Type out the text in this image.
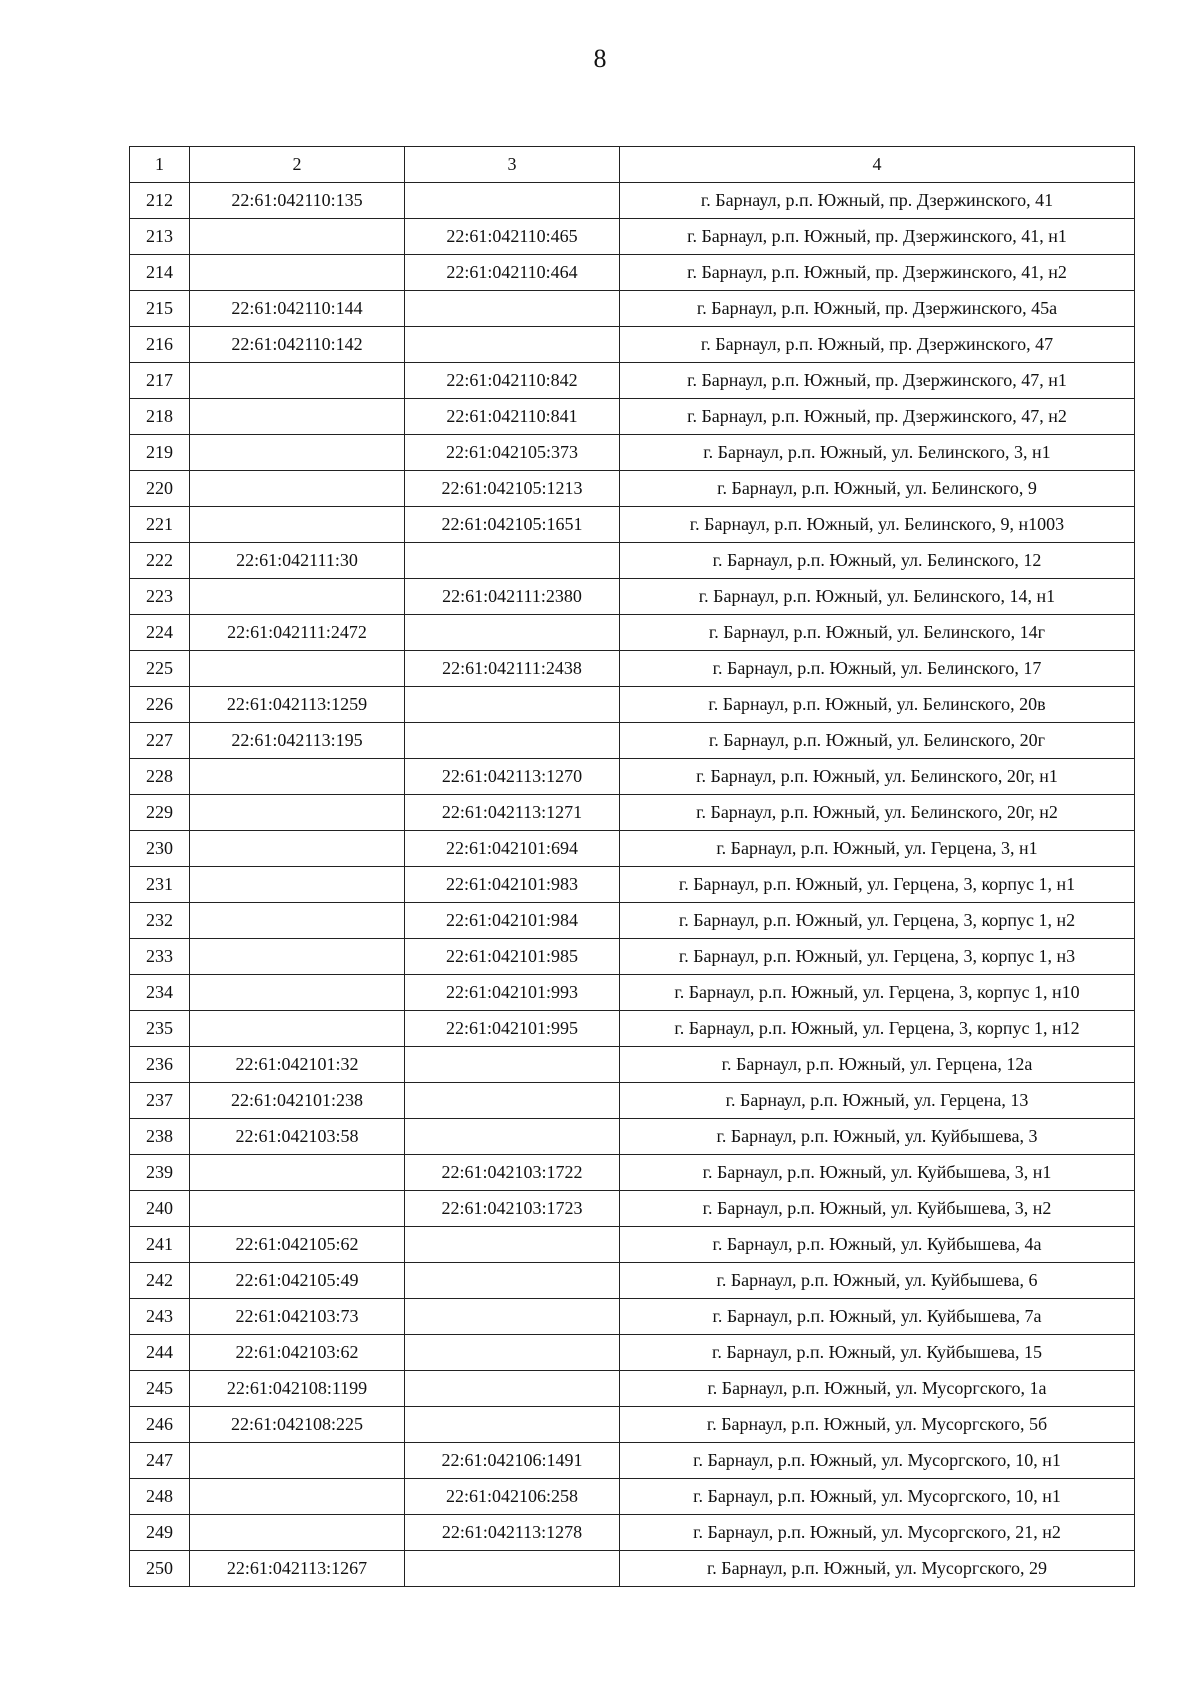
8
1	2	3	4
212	22:61:042110:135		г. Барнаул, р.п. Южный, пр. Дзержинского, 41
213		22:61:042110:465	г. Барнаул, р.п. Южный, пр. Дзержинского, 41, н1
214		22:61:042110:464	г. Барнаул, р.п. Южный, пр. Дзержинского, 41, н2
215	22:61:042110:144		г. Барнаул, р.п. Южный, пр. Дзержинского, 45а
216	22:61:042110:142		г. Барнаул, р.п. Южный, пр. Дзержинского, 47
217		22:61:042110:842	г. Барнаул, р.п. Южный, пр. Дзержинского, 47, н1
218		22:61:042110:841	г. Барнаул, р.п. Южный, пр. Дзержинского, 47, н2
219		22:61:042105:373	г. Барнаул, р.п. Южный, ул. Белинского, 3, н1
220		22:61:042105:1213	г. Барнаул, р.п. Южный, ул. Белинского, 9
221		22:61:042105:1651	г. Барнаул, р.п. Южный, ул. Белинского, 9, н1003
222	22:61:042111:30		г. Барнаул, р.п. Южный, ул. Белинского, 12
223		22:61:042111:2380	г. Барнаул, р.п. Южный, ул. Белинского, 14, н1
224	22:61:042111:2472		г. Барнаул, р.п. Южный, ул. Белинского, 14г
225		22:61:042111:2438	г. Барнаул, р.п. Южный, ул. Белинского, 17
226	22:61:042113:1259		г. Барнаул, р.п. Южный, ул. Белинского, 20в
227	22:61:042113:195		г. Барнаул, р.п. Южный, ул. Белинского, 20г
228		22:61:042113:1270	г. Барнаул, р.п. Южный, ул. Белинского, 20г, н1
229		22:61:042113:1271	г. Барнаул, р.п. Южный, ул. Белинского, 20г, н2
230		22:61:042101:694	г. Барнаул, р.п. Южный, ул. Герцена, 3, н1
231		22:61:042101:983	г. Барнаул, р.п. Южный, ул. Герцена, 3, корпус 1, н1
232		22:61:042101:984	г. Барнаул, р.п. Южный, ул. Герцена, 3, корпус 1, н2
233		22:61:042101:985	г. Барнаул, р.п. Южный, ул. Герцена, 3, корпус 1, н3
234		22:61:042101:993	г. Барнаул, р.п. Южный, ул. Герцена, 3, корпус 1, н10
235		22:61:042101:995	г. Барнаул, р.п. Южный, ул. Герцена, 3, корпус 1, н12
236	22:61:042101:32		г. Барнаул, р.п. Южный, ул. Герцена, 12а
237	22:61:042101:238		г. Барнаул, р.п. Южный, ул. Герцена, 13
238	22:61:042103:58		г. Барнаул, р.п. Южный, ул. Куйбышева, 3
239		22:61:042103:1722	г. Барнаул, р.п. Южный, ул. Куйбышева, 3, н1
240		22:61:042103:1723	г. Барнаул, р.п. Южный, ул. Куйбышева, 3, н2
241	22:61:042105:62		г. Барнаул, р.п. Южный, ул. Куйбышева, 4а
242	22:61:042105:49		г. Барнаул, р.п. Южный, ул. Куйбышева, 6
243	22:61:042103:73		г. Барнаул, р.п. Южный, ул. Куйбышева, 7а
244	22:61:042103:62		г. Барнаул, р.п. Южный, ул. Куйбышева, 15
245	22:61:042108:1199		г. Барнаул, р.п. Южный, ул. Мусоргского, 1а
246	22:61:042108:225		г. Барнаул, р.п. Южный, ул. Мусоргского, 5б
247		22:61:042106:1491	г. Барнаул, р.п. Южный, ул. Мусоргского, 10, н1
248		22:61:042106:258	г. Барнаул, р.п. Южный, ул. Мусоргского, 10, н1
249		22:61:042113:1278	г. Барнаул, р.п. Южный, ул. Мусоргского, 21, н2
250	22:61:042113:1267		г. Барнаул, р.п. Южный, ул. Мусоргского, 29
